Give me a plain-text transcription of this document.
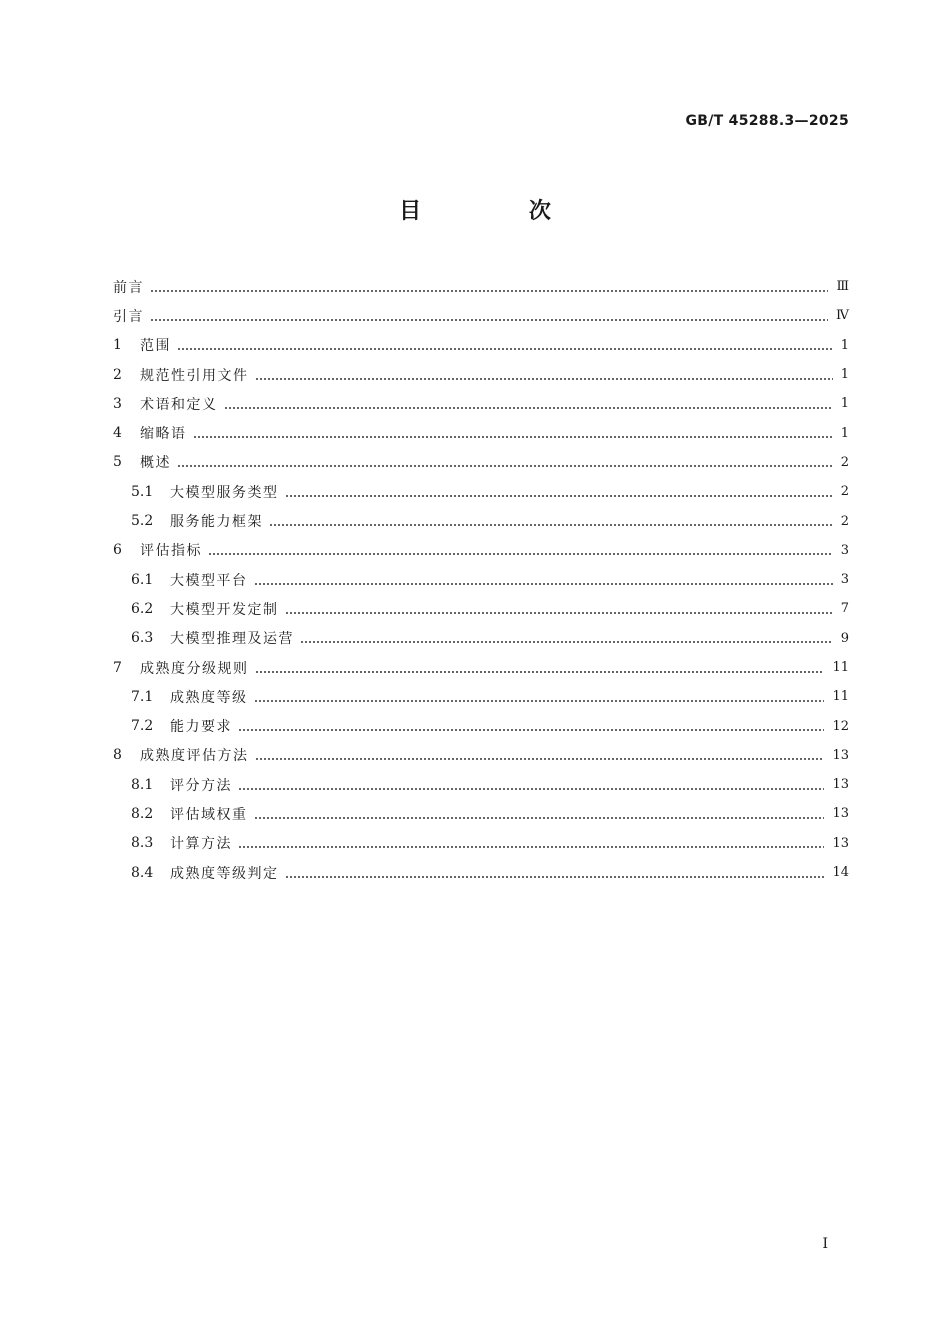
GB/T 45288.3—2025
目 次
前言	Ⅲ
引言	Ⅳ
1	范围	1
2	规范性引用文件	1
3	术语和定义	1
4	缩略语	1
5	概述	2
5.1	大模型服务类型	2
5.2	服务能力框架	2
6	评估指标	3
6.1	大模型平台	3
6.2	大模型开发定制	7
6.3	大模型推理及运营	9
7	成熟度分级规则	11
7.1	成熟度等级	11
7.2	能力要求	12
8	成熟度评估方法	13
8.1	评分方法	13
8.2	评估域权重	13
8.3	计算方法	13
8.4	成熟度等级判定	14
I
